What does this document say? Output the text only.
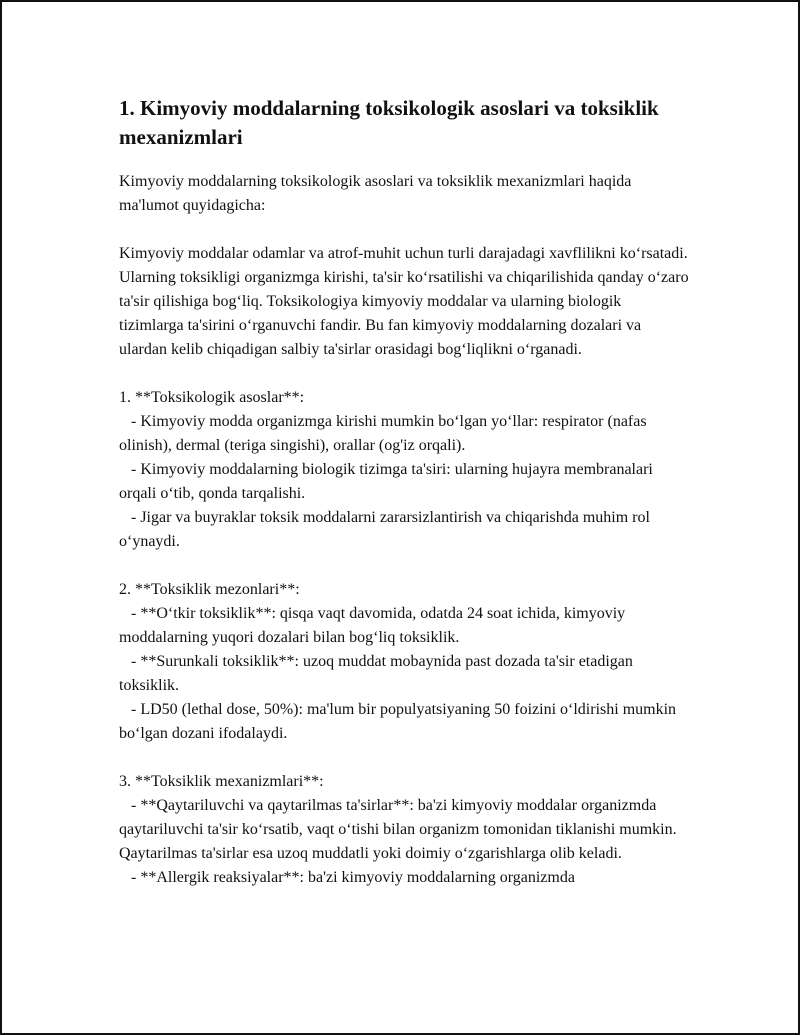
1. Kimyoviy moddalarning toksikologik asoslari va toksiklik mexanizmlari

Kimyoviy moddalarning toksikologik asoslari va toksiklik mexanizmlari haqida ma'lumot quyidagicha:

Kimyoviy moddalar odamlar va atrof-muhit uchun turli darajadagi xavflilikni ko‘rsatadi. Ularning toksikligi organizmga kirishi, ta'sir ko‘rsatilishi va chiqarilishida qanday o‘zaro ta'sir qilishiga bog‘liq. Toksikologiya kimyoviy moddalar va ularning biologik tizimlarga ta'sirini o‘rganuvchi fandir. Bu fan kimyoviy moddalarning dozalari va ulardan kelib chiqadigan salbiy ta'sirlar orasidagi bog‘liqlikni o‘rganadi.

1. **Toksikologik asoslar**:

- Kimyoviy modda organizmga kirishi mumkin bo‘lgan yo‘llar: respirator (nafas olinish), dermal (teriga singishi), orallar (og'iz orqali).

- Kimyoviy moddalarning biologik tizimga ta'siri: ularning hujayra membranalari orqali o‘tib, qonda tarqalishi.

- Jigar va buyraklar toksik moddalarni zararsizlantirish va chiqarishda muhim rol o‘ynaydi.

2. **Toksiklik mezonlari**:

- **O‘tkir toksiklik**: qisqa vaqt davomida, odatda 24 soat ichida, kimyoviy moddalarning yuqori dozalari bilan bog‘liq toksiklik.

- **Surunkali toksiklik**: uzoq muddat mobaynida past dozada ta'sir etadigan toksiklik.

- LD50 (lethal dose, 50%): ma'lum bir populyatsiyaning 50 foizini o‘ldirishi mumkin bo‘lgan dozani ifodalaydi.

3. **Toksiklik mexanizmlari**:

- **Qaytariluvchi va qaytarilmas ta'sirlar**: ba'zi kimyoviy moddalar organizmda qaytariluvchi ta'sir ko‘rsatib, vaqt o‘tishi bilan organizm tomonidan tiklanishi mumkin. Qaytarilmas ta'sirlar esa uzoq muddatli yoki doimiy o‘zgarishlarga olib keladi.

- **Allergik reaksiyalar**: ba'zi kimyoviy moddalarning organizmda
